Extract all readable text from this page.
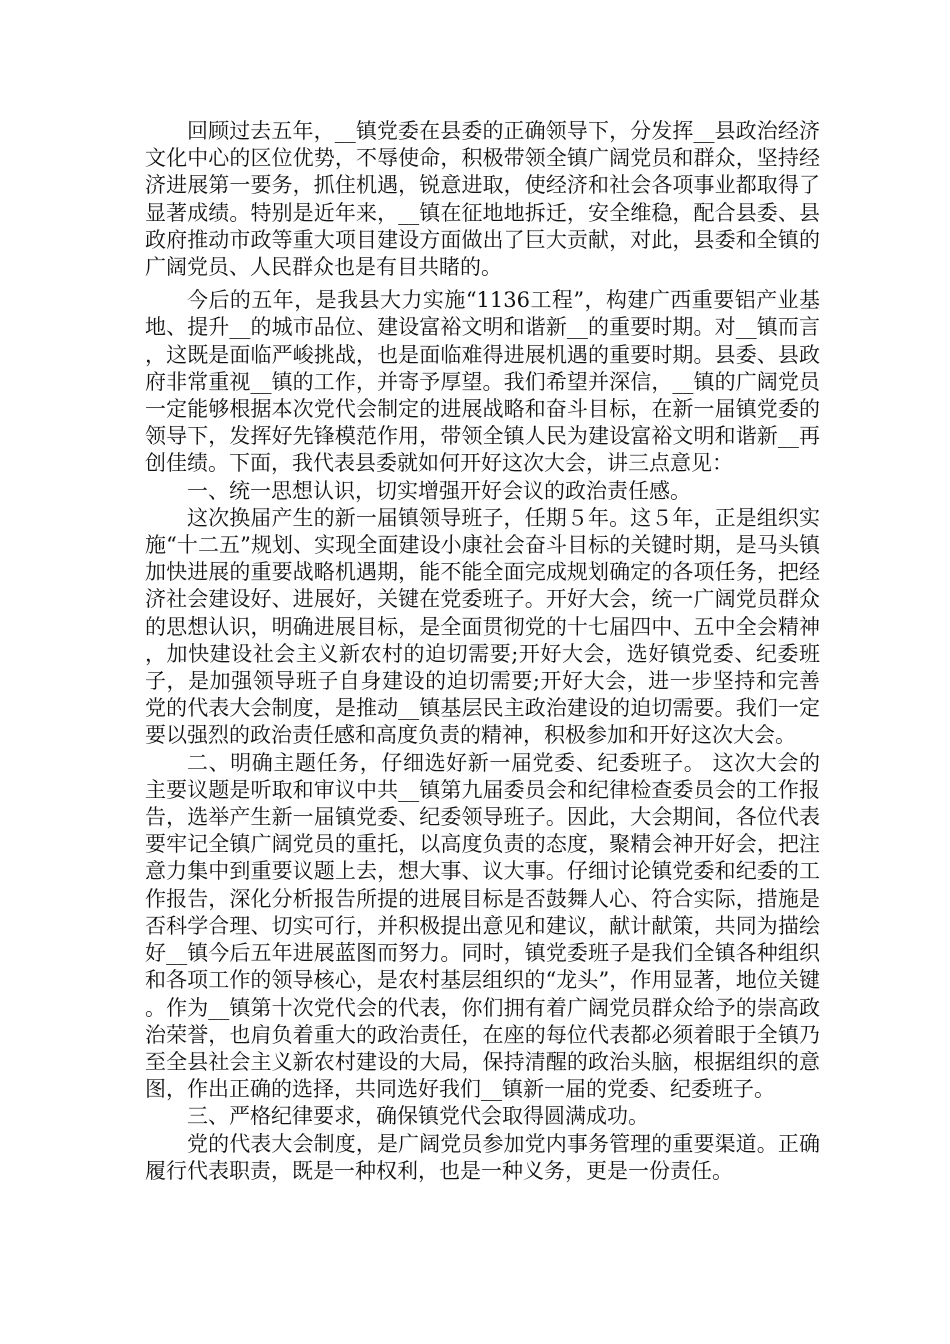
回顾过去五年，__镇党委在县委的正确领导下，分发挥__县政治经济文化中心的区位优势，不辱使命，积极带领全镇广阔党员和群众，坚持经济进展第一要务，抓住机遇，锐意进取，使经济和社会各项事业都取得了显著成绩。特别是近年来，__镇在征地地拆迁，安全维稳，配合县委、县政府推动市政等重大项目建设方面做出了巨大贡献，对此，县委和全镇的广阔党员、人民群众也是有目共睹的。

今后的五年，是我县大力实施“1136工程”，构建广西重要铝产业基地、提升__的城市品位、建设富裕文明和谐新__的重要时期。对__镇而言，这既是面临严峻挑战，也是面临难得进展机遇的重要时期。县委、县政府非常重视__镇的工作，并寄予厚望。我们希望并深信，__镇的广阔党员一定能够根据本次党代会制定的进展战略和奋斗目标，在新一届镇党委的领导下，发挥好先锋模范作用，带领全镇人民为建设富裕文明和谐新__再创佳绩。下面，我代表县委就如何开好这次大会，讲三点意见：

一、统一思想认识，切实增强开好会议的政治责任感。

这次换届产生的新一届镇领导班子，任期５年。这５年，正是组织实施“十二五”规划、实现全面建设小康社会奋斗目标的关键时期，是马头镇加快进展的重要战略机遇期，能不能全面完成规划确定的各项任务，把经济社会建设好、进展好，关键在党委班子。开好大会，统一广阔党员群众的思想认识，明确进展目标，是全面贯彻党的十七届四中、五中全会精神，加快建设社会主义新农村的迫切需要;开好大会，选好镇党委、纪委班子，是加强领导班子自身建设的迫切需要;开好大会，进一步坚持和完善党的代表大会制度，是推动__镇基层民主政治建设的迫切需要。我们一定要以强烈的政治责任感和高度负责的精神，积极参加和开好这次大会。

二、明确主题任务，仔细选好新一届党委、纪委班子。 这次大会的主要议题是听取和审议中共__镇第九届委员会和纪律检查委员会的工作报告，选举产生新一届镇党委、纪委领导班子。因此，大会期间，各位代表要牢记全镇广阔党员的重托，以高度负责的态度，聚精会神开好会，把注意力集中到重要议题上去，想大事、议大事。仔细讨论镇党委和纪委的工作报告，深化分析报告所提的进展目标是否鼓舞人心、符合实际，措施是否科学合理、切实可行，并积极提出意见和建议，献计献策，共同为描绘好__镇今后五年进展蓝图而努力。同时，镇党委班子是我们全镇各种组织和各项工作的领导核心，是农村基层组织的“龙头”，作用显著，地位关键。作为__镇第十次党代会的代表，你们拥有着广阔党员群众给予的崇高政治荣誉，也肩负着重大的政治责任，在座的每位代表都必须着眼于全镇乃至全县社会主义新农村建设的大局，保持清醒的政治头脑，根据组织的意图，作出正确的选择，共同选好我们__镇新一届的党委、纪委班子。

三、严格纪律要求，确保镇党代会取得圆满成功。

党的代表大会制度，是广阔党员参加党内事务管理的重要渠道。正确履行代表职责，既是一种权利，也是一种义务，更是一份责任。
